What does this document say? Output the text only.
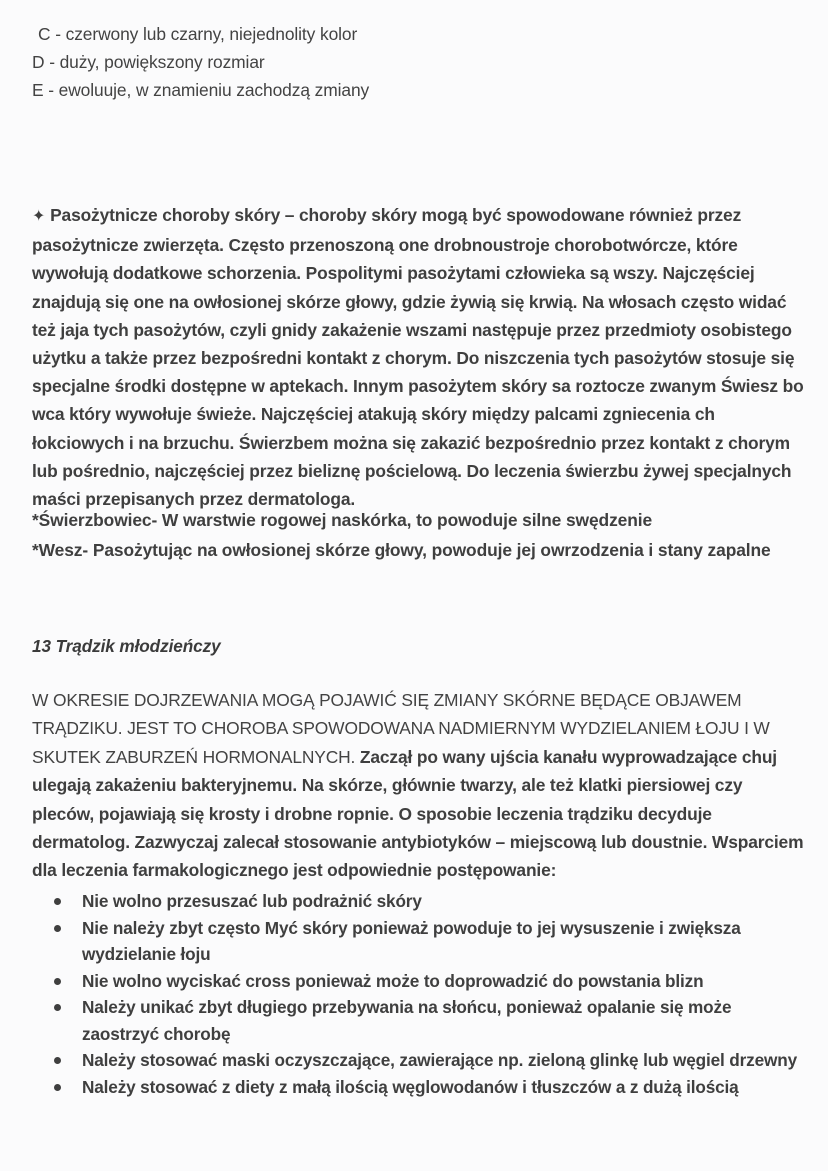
C - czerwony lub czarny, niejednolity kolor
D - duży, powiększony rozmiar
E - ewoluuje, w znamieniu zachodzą zmiany

✦ Pasożytnicze choroby skóry – choroby skóry mogą być spowodowane również przez pasożytnicze zwierzęta. Często przenoszoną one drobnoustroje chorobotwórcze, które wywołują dodatkowe schorzenia. Pospolitymi pasożytami człowieka są wszy. Najczęściej znajdują się one na owłosionej skórze głowy, gdzie żywią się krwią. Na włosach często widać też jaja tych pasożytów, czyli gnidy zakażenie wszami następuje przez przedmioty osobistego użytku a także przez bezpośredni kontakt z chorym. Do niszczenia tych pasożytów stosuje się specjalne środki dostępne w aptekach. Innym pasożytem skóry sa roztocze zwanym Świesz bo wca który wywołuje świeże. Najczęściej atakują skóry między palcami zgniecenia ch łokciowych i na brzuchu. Świerzbem można się zakazić bezpośrednio przez kontakt z chorym lub pośrednio, najczęściej przez bieliznę pościelową. Do leczenia świerzbu żywej specjalnych maści przepisanych przez dermatologa.

*Świerzbowiec- W warstwie rogowej naskórka, to powoduje silne swędzenie
*Wesz- Pasożytując na owłosionej skórze głowy, powoduje jej owrzodzenia i stany zapalne
13 Trądzik młodzieńczy

W OKRESIE DOJRZEWANIA MOGĄ POJAWIĆ SIĘ ZMIANY SKÓRNE BĘDĄCE OBJAWEM TRĄDZIKU. JEST TO CHOROBA SPOWODOWANA NADMIERNYM WYDZIELANIEM ŁOJU I W SKUTEK ZABURZEŃ HORMONALNYCH. Zaczął po wany ujścia kanału wyprowadzające chuj ulegają zakażeniu bakteryjnemu. Na skórze, głównie twarzy, ale też klatki piersiowej czy pleców, pojawiają się krosty i drobne ropnie. O sposobie leczenia trądziku decyduje dermatolog. Zazwyczaj zalecał stosowanie antybiotyków – miejscową lub doustnie. Wsparciem dla leczenia farmakologicznego jest odpowiednie postępowanie:

Nie wolno przesuszać lub podrażnić skóry
Nie należy zbyt często Myć skóry ponieważ powoduje to jej wysuszenie i zwiększa wydzielanie łoju
Nie wolno wyciskać cross ponieważ może to doprowadzić do powstania blizn
Należy unikać zbyt długiego przebywania na słońcu, ponieważ opalanie się może zaostrzyć chorobę
Należy stosować maski oczyszczające, zawierające np. zieloną glinkę lub węgiel drzewny
Należy stosować z diety z małą ilością węglowodanów i tłuszczów a z dużą ilością
